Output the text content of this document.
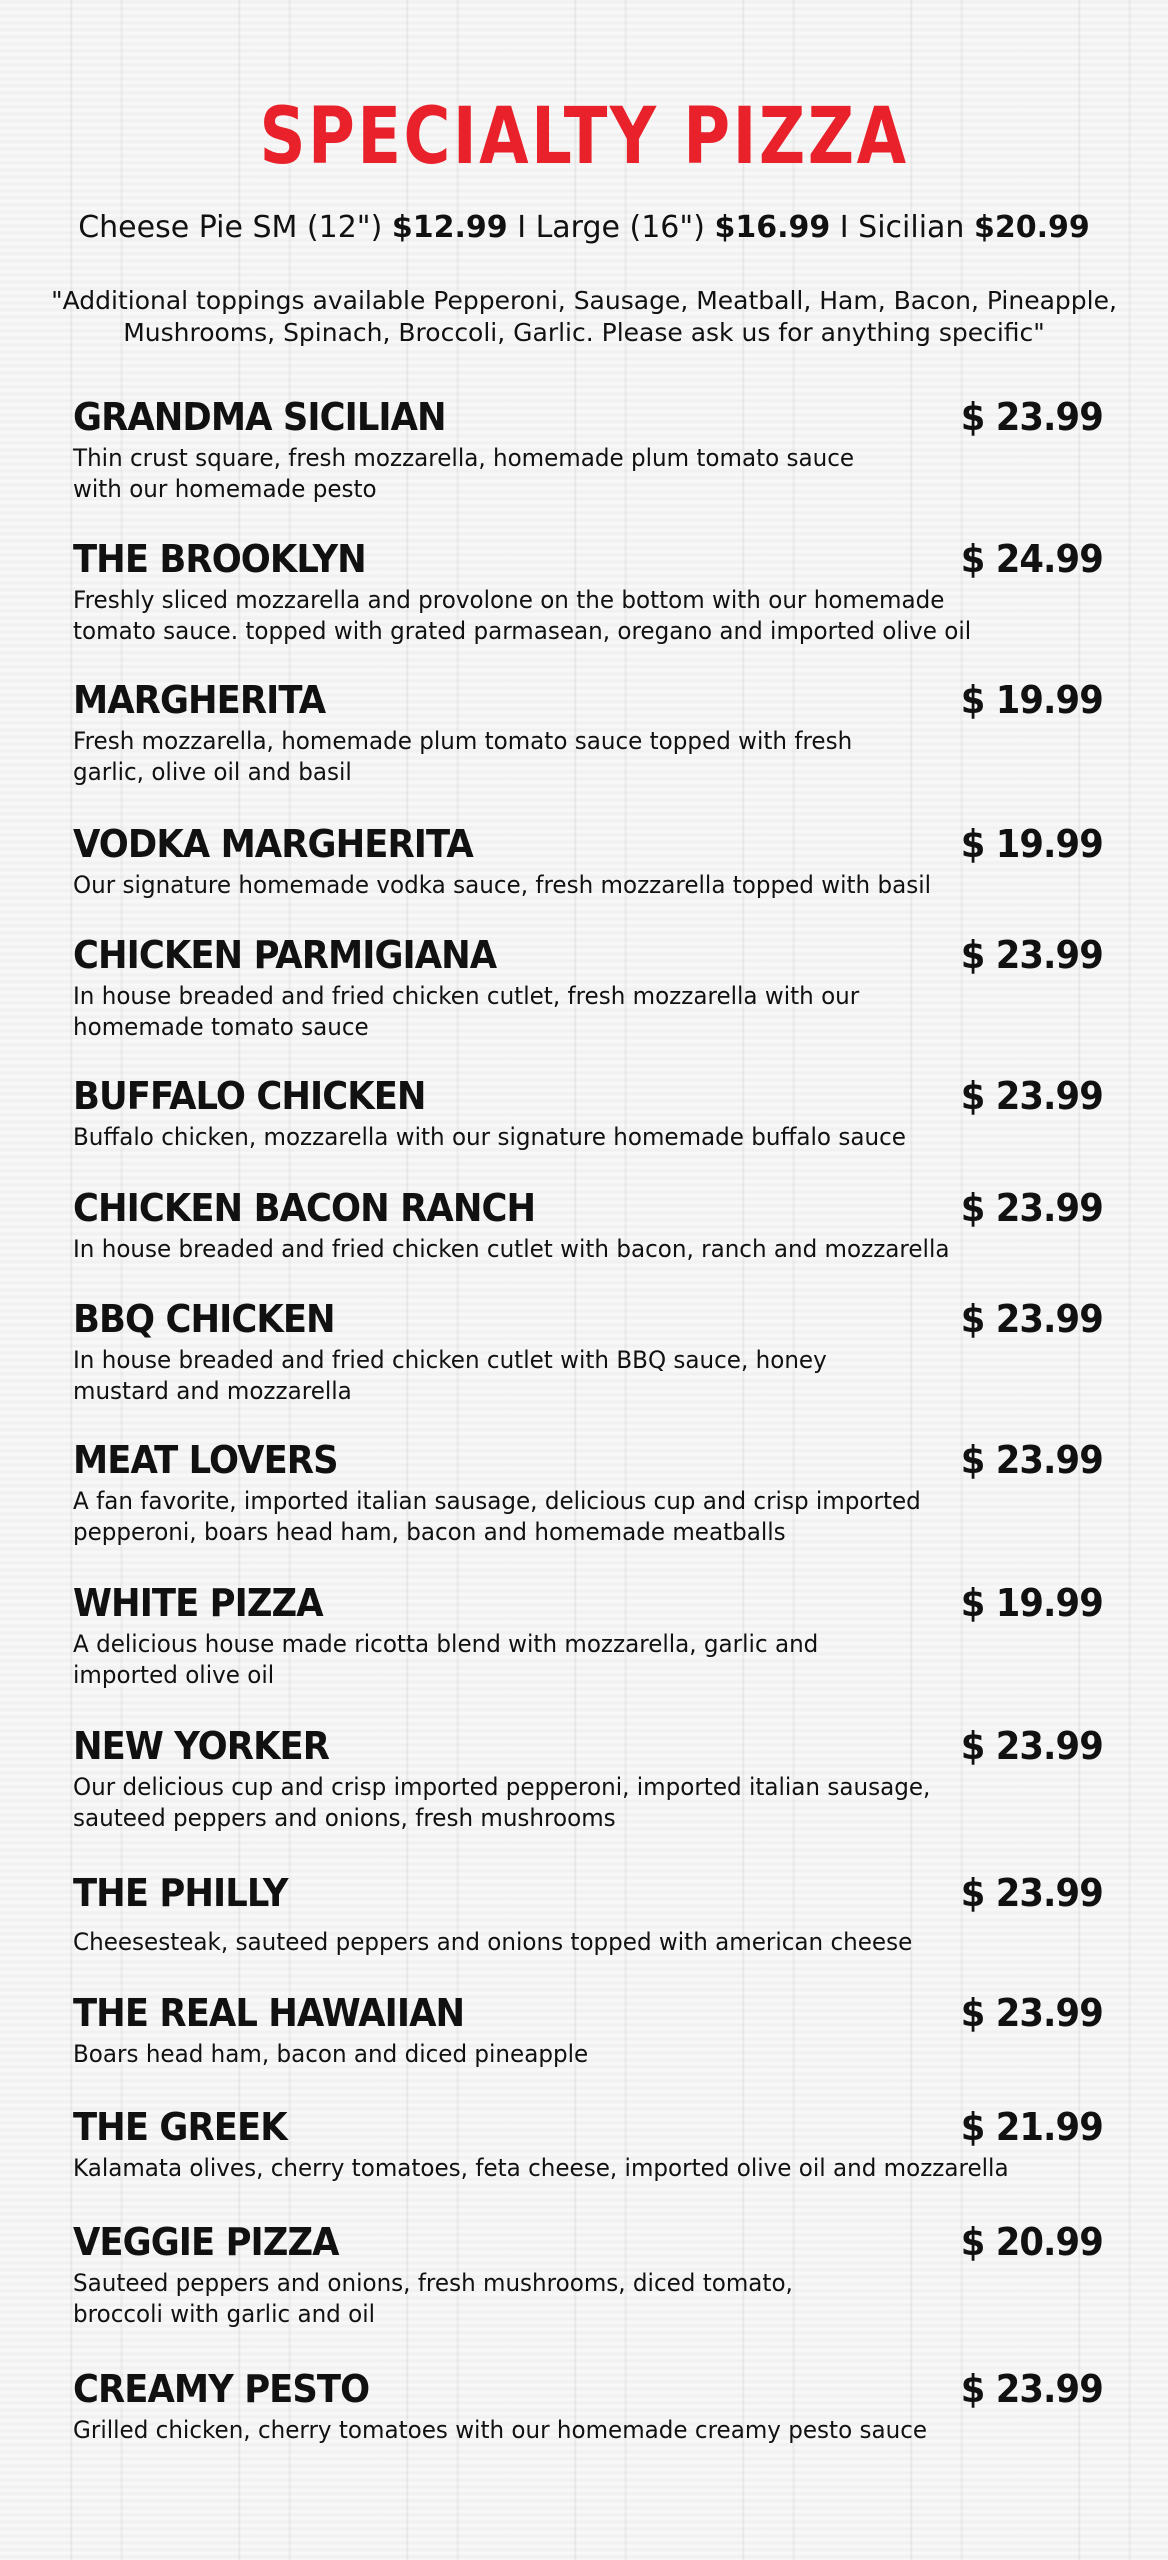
SPECIALTY PIZZA
Cheese Pie SM (12") $12.99 I Large (16") $16.99 I Sicilian $20.99
"Additional toppings available Pepperoni, Sausage, Meatball, Ham, Bacon, Pineapple,
Mushrooms, Spinach, Broccoli, Garlic. Please ask us for anything specific"
GRANDMA SICILIAN	$ 23.99
Thin crust square, fresh mozzarella, homemade plum tomato sauce
with our homemade pesto
THE BROOKLYN	$ 24.99
Freshly sliced mozzarella and provolone on the bottom with our homemade
tomato sauce. topped with grated parmasean, oregano and imported olive oil
MARGHERITA	$ 19.99
Fresh mozzarella, homemade plum tomato sauce topped with fresh
garlic, olive oil and basil
VODKA MARGHERITA	$ 19.99
Our signature homemade vodka sauce, fresh mozzarella topped with basil
CHICKEN PARMIGIANA	$ 23.99
In house breaded and fried chicken cutlet, fresh mozzarella with our
homemade tomato sauce
BUFFALO CHICKEN	$ 23.99
Buffalo chicken, mozzarella with our signature homemade buffalo sauce
CHICKEN BACON RANCH	$ 23.99
In house breaded and fried chicken cutlet with bacon, ranch and mozzarella
BBQ CHICKEN	$ 23.99
In house breaded and fried chicken cutlet with BBQ sauce, honey
mustard and mozzarella
MEAT LOVERS	$ 23.99
A fan favorite, imported italian sausage, delicious cup and crisp imported
pepperoni, boars head ham, bacon and homemade meatballs
WHITE PIZZA	$ 19.99
A delicious house made ricotta blend with mozzarella, garlic and
imported olive oil
NEW YORKER	$ 23.99
Our delicious cup and crisp imported pepperoni, imported italian sausage,
sauteed peppers and onions, fresh mushrooms
THE PHILLY	$ 23.99
Cheesesteak, sauteed peppers and onions topped with american cheese
THE REAL HAWAIIAN	$ 23.99
Boars head ham, bacon and diced pineapple
THE GREEK	$ 21.99
Kalamata olives, cherry tomatoes, feta cheese, imported olive oil and mozzarella
VEGGIE PIZZA	$ 20.99
Sauteed peppers and onions, fresh mushrooms, diced tomato,
broccoli with garlic and oil
CREAMY PESTO	$ 23.99
Grilled chicken, cherry tomatoes with our homemade creamy pesto sauce
